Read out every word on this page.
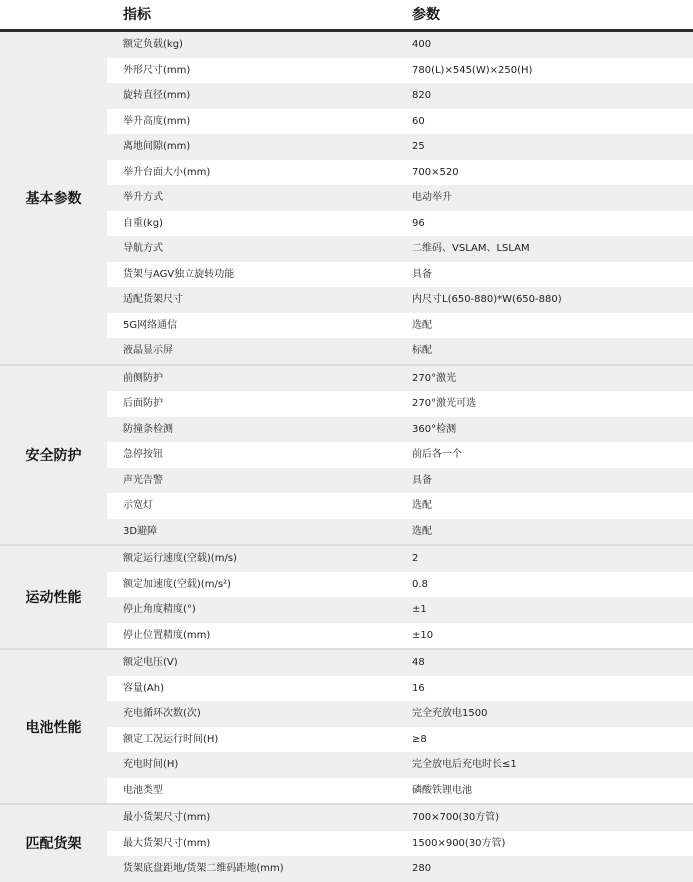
指标	参数
基本参数
额定负载(kg)	400
外形尺寸(mm)	780(L)×545(W)×250(H)
旋转直径(mm)	820
举升高度(mm)	60
离地间隙(mm)	25
举升台面大小(mm)	700×520
举升方式	电动举升
自重(kg)	96
导航方式	二维码、VSLAM、LSLAM
货架与AGV独立旋转功能	具备
适配货架尺寸	内尺寸L(650-880)*W(650-880)
5G网络通信	选配
液晶显示屏	标配
安全防护
前侧防护	270°激光
后面防护	270°激光可选
防撞条检测	360°检测
急停按钮	前后各一个
声光告警	具备
示宽灯	选配
3D避障	选配
运动性能
额定运行速度(空载)(m/s)	2
额定加速度(空载)(m/s²)	0.8
停止角度精度(°)	±1
停止位置精度(mm)	±10
电池性能
额定电压(V)	48
容量(Ah)	16
充电循环次数(次)	完全充放电1500
额定工况运行时间(H)	≥8
充电时间(H)	完全放电后充电时长≤1
电池类型	磷酸铁锂电池
匹配货架
最小货架尺寸(mm)	700×700(30方管)
最大货架尺寸(mm)	1500×900(30方管)
货架底盘距地/货架二维码距地(mm)	280
